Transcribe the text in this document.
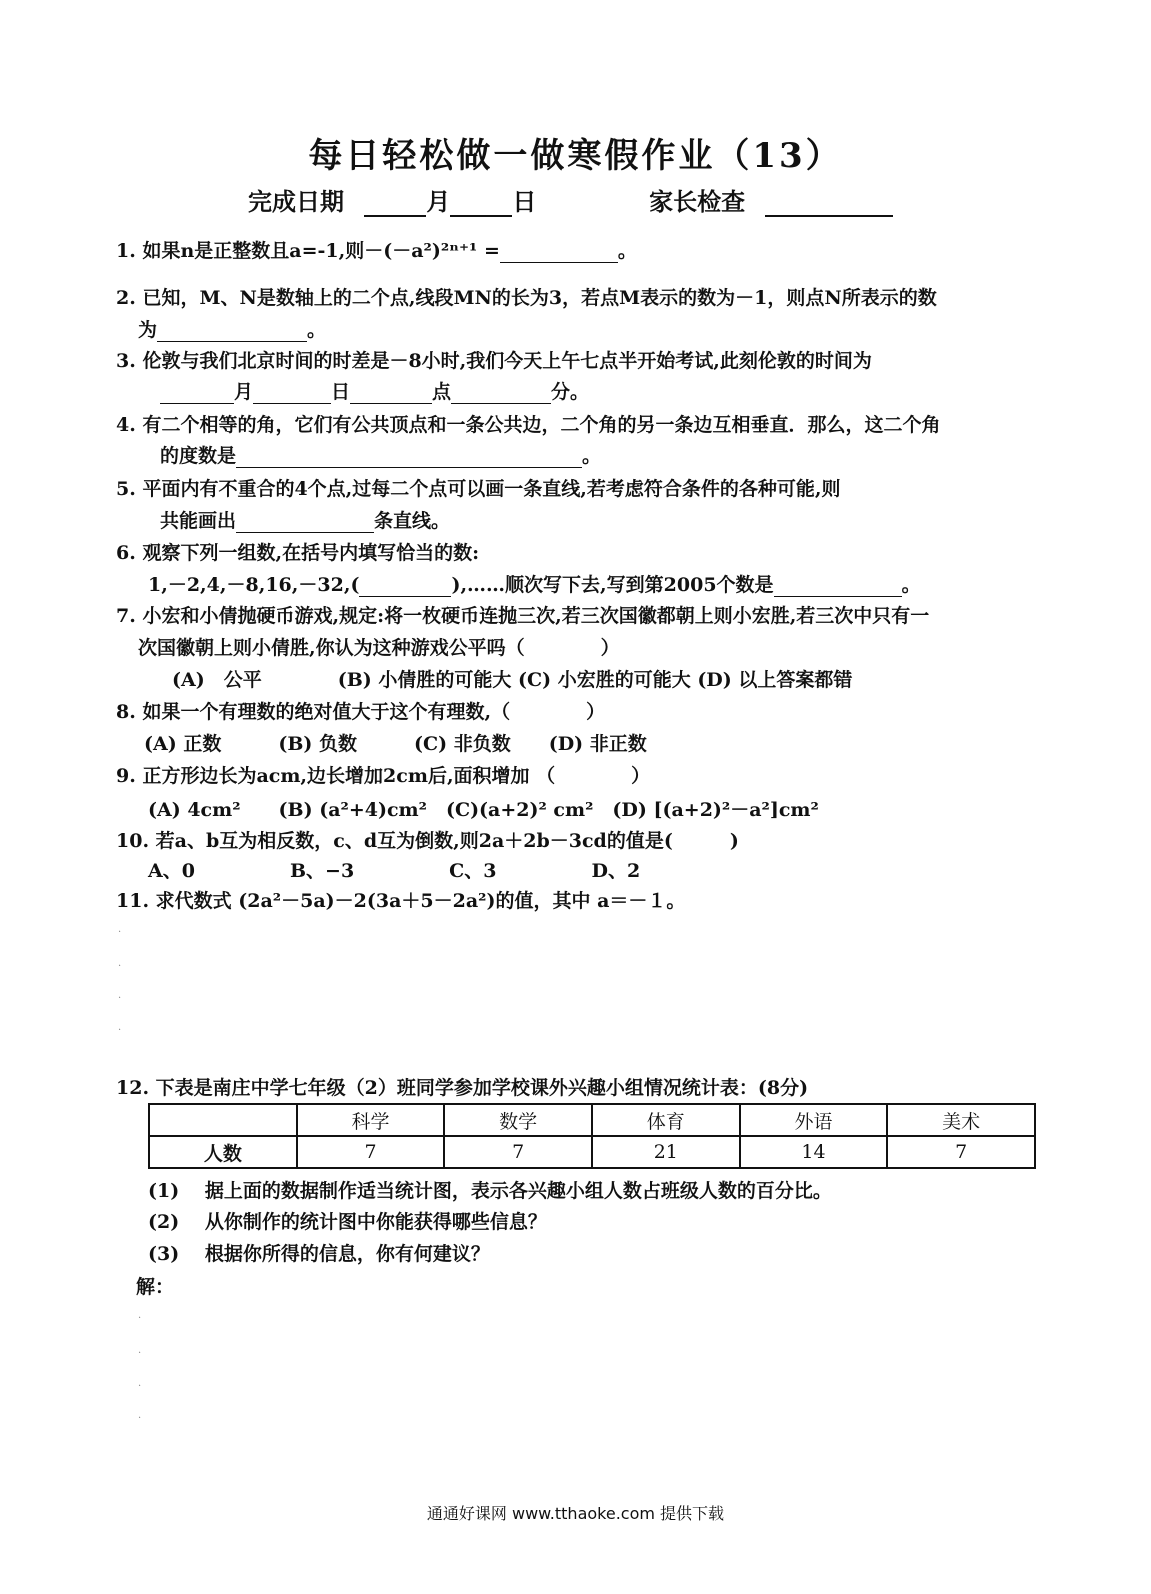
每日轻松做一做寒假作业（13）
完成日期	月	日	家长检查
1. 如果n是正整数且a=-1,则－(－a²)²ⁿ⁺¹ =	。
2. 已知，M、N是数轴上的二个点,线段MN的长为3，若点M表示的数为－1，则点N所表示的数
为	。
3. 伦敦与我们北京时间的时差是－8小时,我们今天上午七点半开始考试,此刻伦敦的时间为
月	日	点	分。
4. 有二个相等的角，它们有公共顶点和一条公共边，二个角的另一条边互相垂直．那么，这二个角
的度数是	。
5. 平面内有不重合的4个点,过每二个点可以画一条直线,若考虑符合条件的各种可能,则
共能画出	条直线。
6. 观察下列一组数,在括号内填写恰当的数:
1,－2,4,－8,16,－32,(	),……顺次写下去,写到第2005个数是	。
7. 小宏和小倩抛硬币游戏,规定:将一枚硬币连抛三次,若三次国徽都朝上则小宏胜,若三次中只有一
次国徽朝上则小倩胜,你认为这种游戏公平吗（　　　　）
(A)　公平　　　　(B) 小倩胜的可能大 (C) 小宏胜的可能大 (D) 以上答案都错
8. 如果一个有理数的绝对值大于这个有理数,（　　　　）
(A) 正数　　　(B) 负数　　　(C) 非负数　　(D) 非正数
9. 正方形边长为acm,边长增加2cm后,面积增加 （　　　　）
(A) 4cm²　　(B) (a²+4)cm²　(C)(a+2)² cm²　(D) [(a+2)²－a²]cm²
10. 若a、b互为相反数，c、d互为倒数,则2a＋2b－3cd的值是(　　　)
A、0　　　　　B、−3　　　　　C、3　　　　　D、2
11. 求代数式 (2a²－5a)－2(3a＋5－2a²)的值，其中 a＝－１。
.
.
.
.
12. 下表是南庄中学七年级（2）班同学参加学校课外兴趣小组情况统计表：(8分)
	科学	数学	体育	外语	美术
人数	7	7	21	14	7
(1)　 据上面的数据制作适当统计图，表示各兴趣小组人数占班级人数的百分比。
(2)　 从你制作的统计图中你能获得哪些信息？
(3)　 根据你所得的信息，你有何建议？
解：
.
.
.
.
通通好课网 www.tthaoke.com 提供下载
